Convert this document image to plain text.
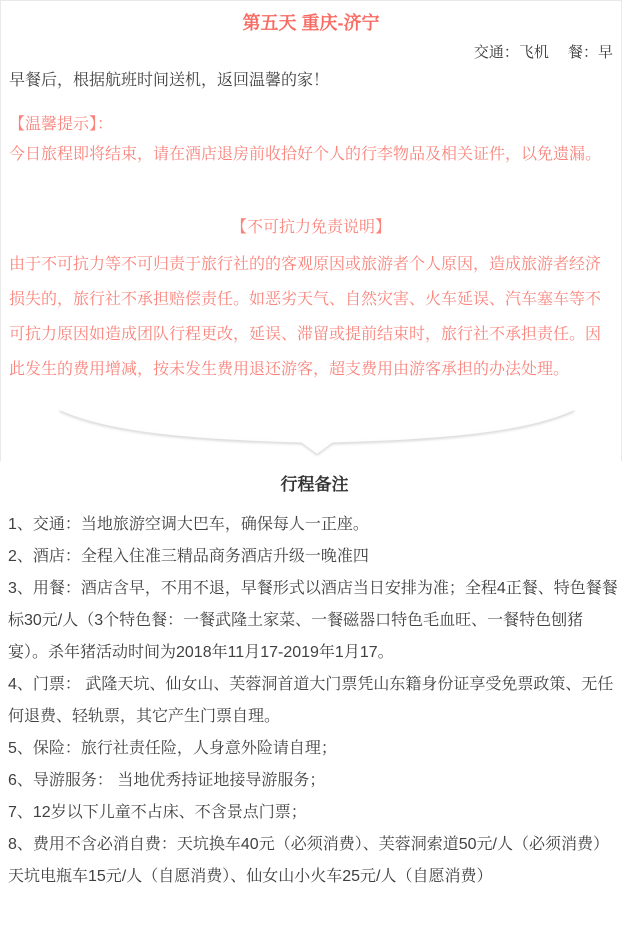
第五天 重庆-济宁
交通：飞机　 餐：早

早餐后，根据航班时间送机，返回温馨的家！

【温馨提示】：
今日旅程即将结束，请在酒店退房前收拾好个人的行李物品及相关证件，以免遗漏。
【不可抗力免责说明】
由于不可抗力等不可归责于旅行社的的客观原因或旅游者个人原因，造成旅游者经济损失的，旅行社不承担赔偿责任。如恶劣天气、自然灾害、火车延误、汽车塞车等不可抗力原因如造成团队行程更改，延误、滞留或提前结束时，旅行社不承担责任。因此发生的费用增减，按未发生费用退还游客，超支费用由游客承担的办法处理。
行程备注
1、交通：当地旅游空调大巴车，确保每人一正座。
2、酒店：全程入住准三精品商务酒店升级一晚准四
3、用餐：酒店含早，不用不退，早餐形式以酒店当日安排为准；全程4正餐、特色餐餐标30元/人（3个特色餐：一餐武隆土家菜、一餐磁器口特色毛血旺、一餐特色刨猪宴）。杀年猪活动时间为2018年11月17-2019年1月17。
4、门票： 武隆天坑、仙女山、芙蓉洞首道大门票凭山东籍身份证享受免票政策、无任何退费、轻轨票，其它产生门票自理。
5、保险：旅行社责任险，人身意外险请自理；
6、导游服务： 当地优秀持证地接导游服务；
7、12岁以下儿童不占床、不含景点门票；
8、费用不含必消自费：天坑换车40元（必须消费）、芙蓉洞索道50元/人（必须消费）天坑电瓶车15元/人（自愿消费）、仙女山小火车25元/人（自愿消费）
